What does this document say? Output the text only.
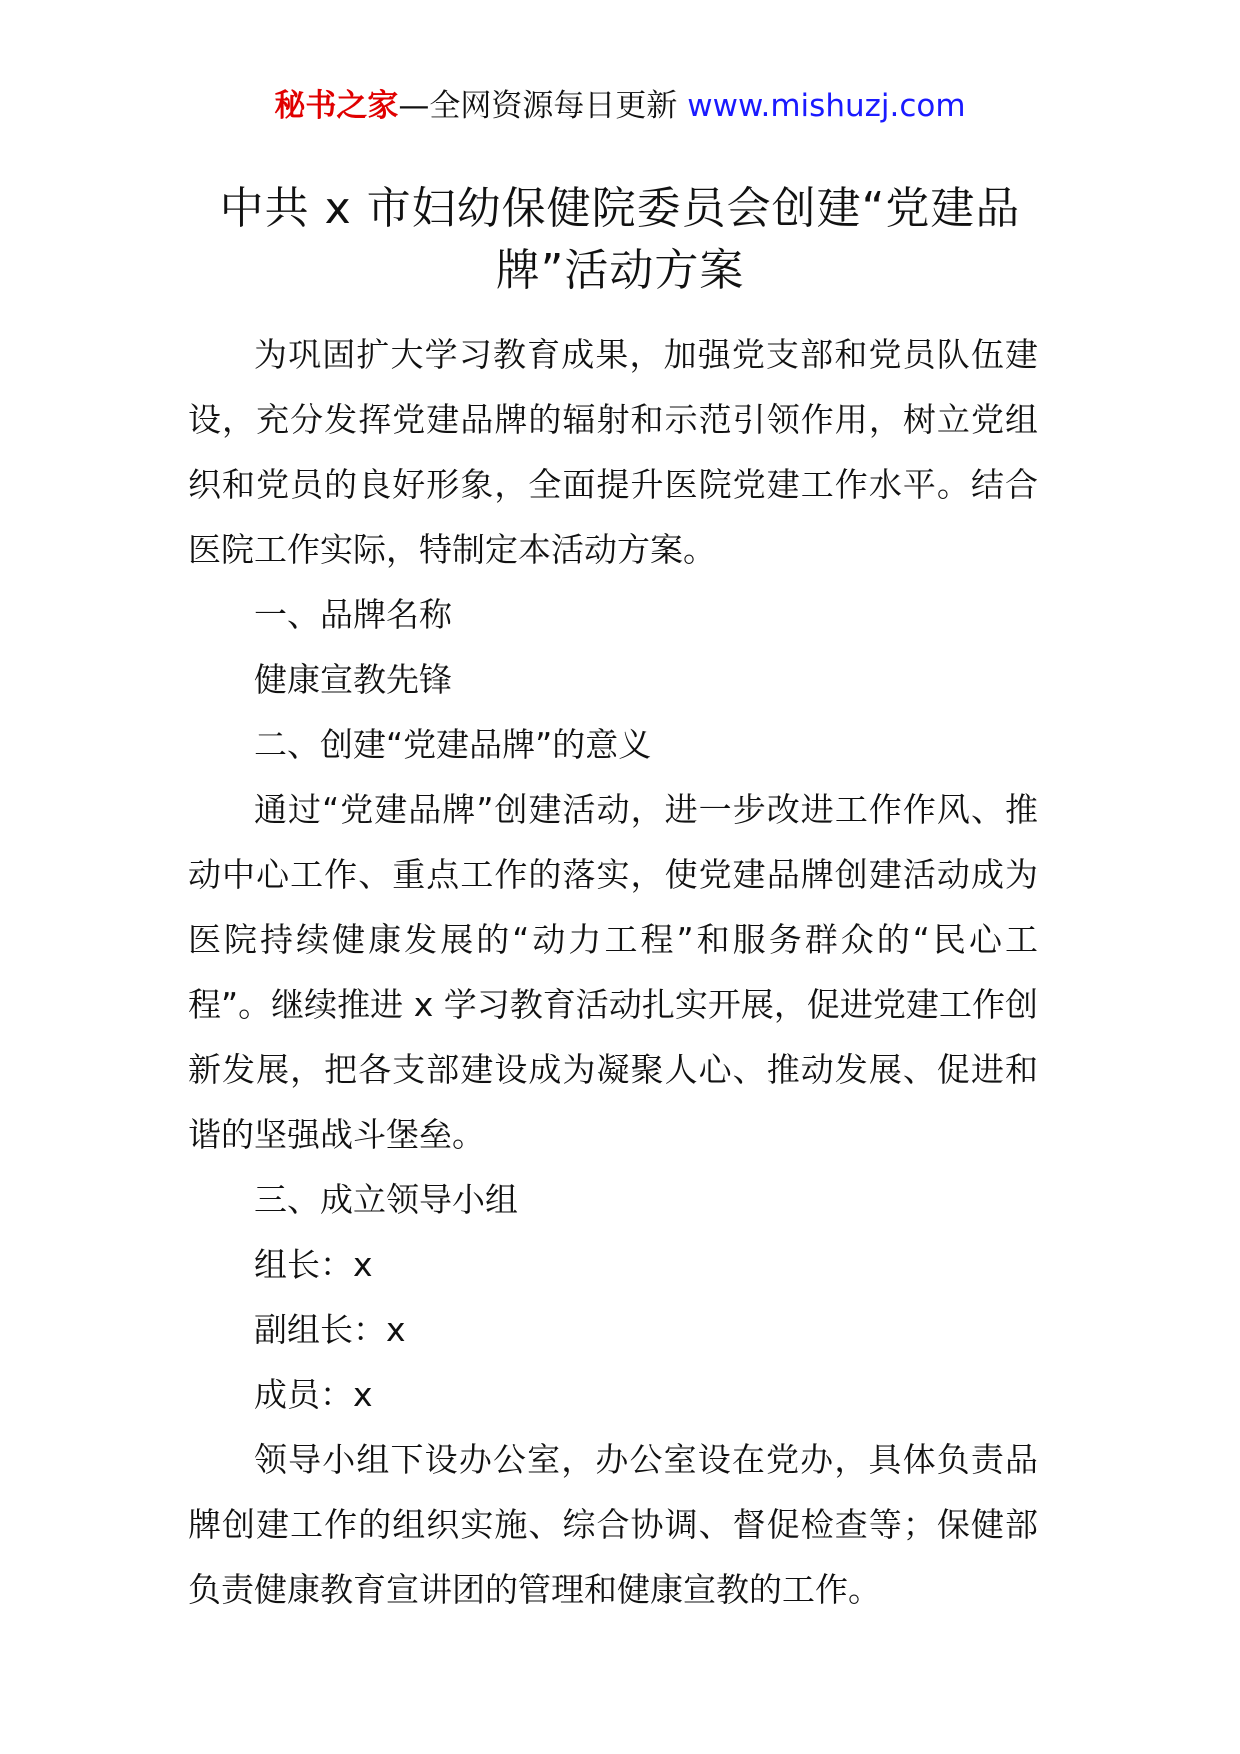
秘书之家—全网资源每日更新 www.mishuzj.com
中共 x 市妇幼保健院委员会创建“党建品牌”活动方案

为巩固扩大学习教育成果，加强党支部和党员队伍建设，充分发挥党建品牌的辐射和示范引领作用，树立党组织和党员的良好形象，全面提升医院党建工作水平。结合医院工作实际，特制定本活动方案。

一、品牌名称

健康宣教先锋

二、创建“党建品牌”的意义

通过“党建品牌”创建活动，进一步改进工作作风、推动中心工作、重点工作的落实，使党建品牌创建活动成为医院持续健康发展的“动力工程”和服务群众的“民心工程”。继续推进 x 学习教育活动扎实开展，促进党建工作创新发展，把各支部建设成为凝聚人心、推动发展、促进和谐的坚强战斗堡垒。

三、成立领导小组

组长：x

副组长：x

成员：x

领导小组下设办公室，办公室设在党办，具体负责品牌创建工作的组织实施、综合协调、督促检查等；保健部负责健康教育宣讲团的管理和健康宣教的工作。
